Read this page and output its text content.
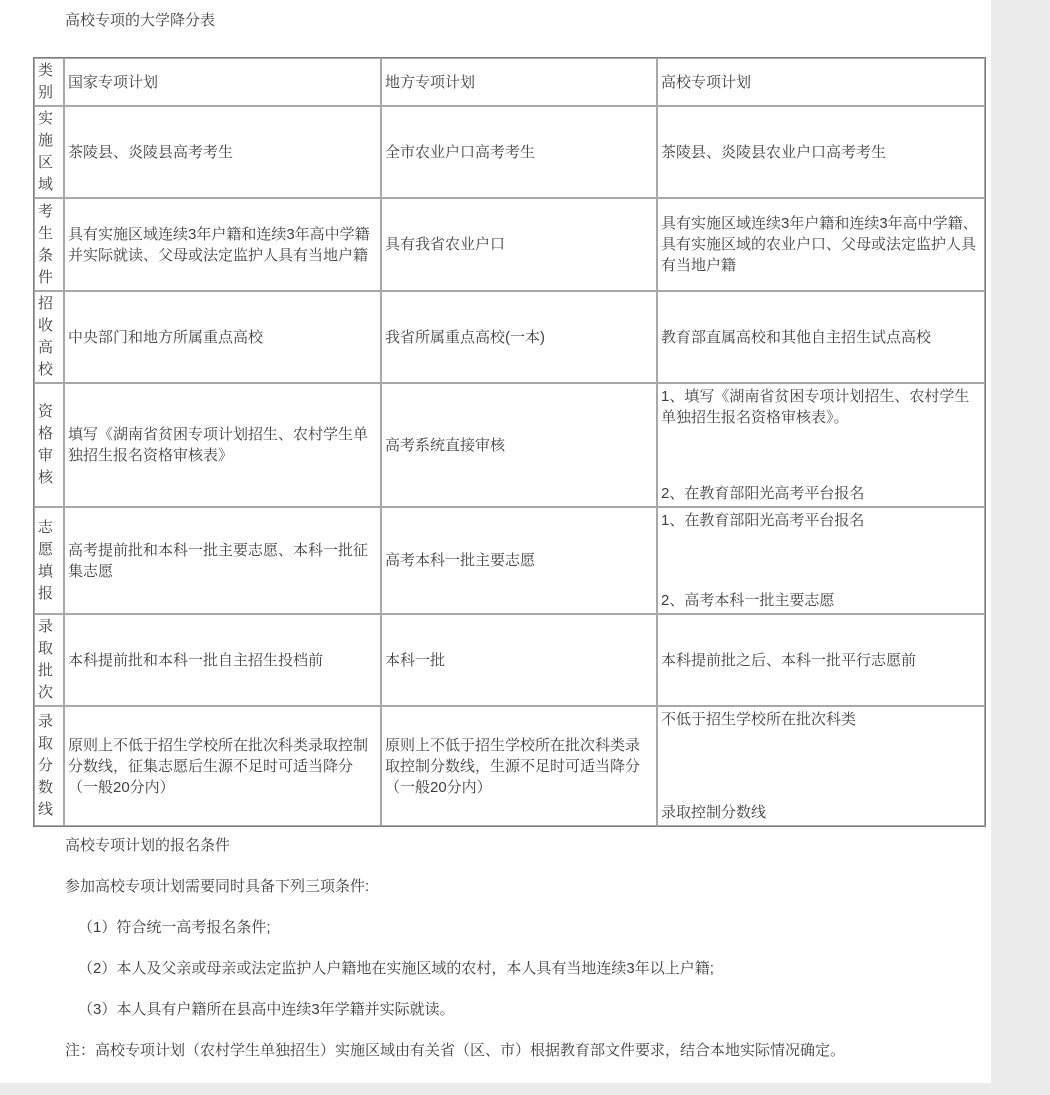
高校专项的大学降分表
类别	国家专项计划	地方专项计划	高校专项计划
实施区域	茶陵县、炎陵县高考考生	全市农业户口高考考生	茶陵县、炎陵县农业户口高考考生
考生条件	具有实施区域连续3年户籍和连续3年高中学籍并实际就读、父母或法定监护人具有当地户籍	具有我省农业户口	具有实施区域连续3年户籍和连续3年高中学籍、具有实施区域的农业户口、父母或法定监护人具有当地户籍
招收高校	中央部门和地方所属重点高校	我省所属重点高校(一本)	教育部直属高校和其他自主招生试点高校
资格审核	填写《湖南省贫困专项计划招生、农村学生单独招生报名资格审核表》	高考系统直接审核	1、填写《湖南省贫困专项计划招生、农村学生单独招生报名资格审核表》。
2、在教育部阳光高考平台报名

志愿填报	高考提前批和本科一批主要志愿、本科一批征集志愿	高考本科一批主要志愿	1、在教育部阳光高考平台报名
2、高考本科一批主要志愿

录取批次	本科提前批和本科一批自主招生投档前	本科一批	本科提前批之后、本科一批平行志愿前
录取分数线	原则上不低于招生学校所在批次科类录取控制分数线，征集志愿后生源不足时可适当降分（一般20分内）	原则上不低于招生学校所在批次科类录取控制分数线，生源不足时可适当降分（一般20分内）	不低于招生学校所在批次科类
录取控制分数线

高校专项计划的报名条件

参加高校专项计划需要同时具备下列三项条件:

（1）符合统一高考报名条件;

（2）本人及父亲或母亲或法定监护人户籍地在实施区域的农村，本人具有当地连续3年以上户籍;

（3）本人具有户籍所在县高中连续3年学籍并实际就读。

注：高校专项计划（农村学生单独招生）实施区域由有关省（区、市）根据教育部文件要求，结合本地实际情况确定。
